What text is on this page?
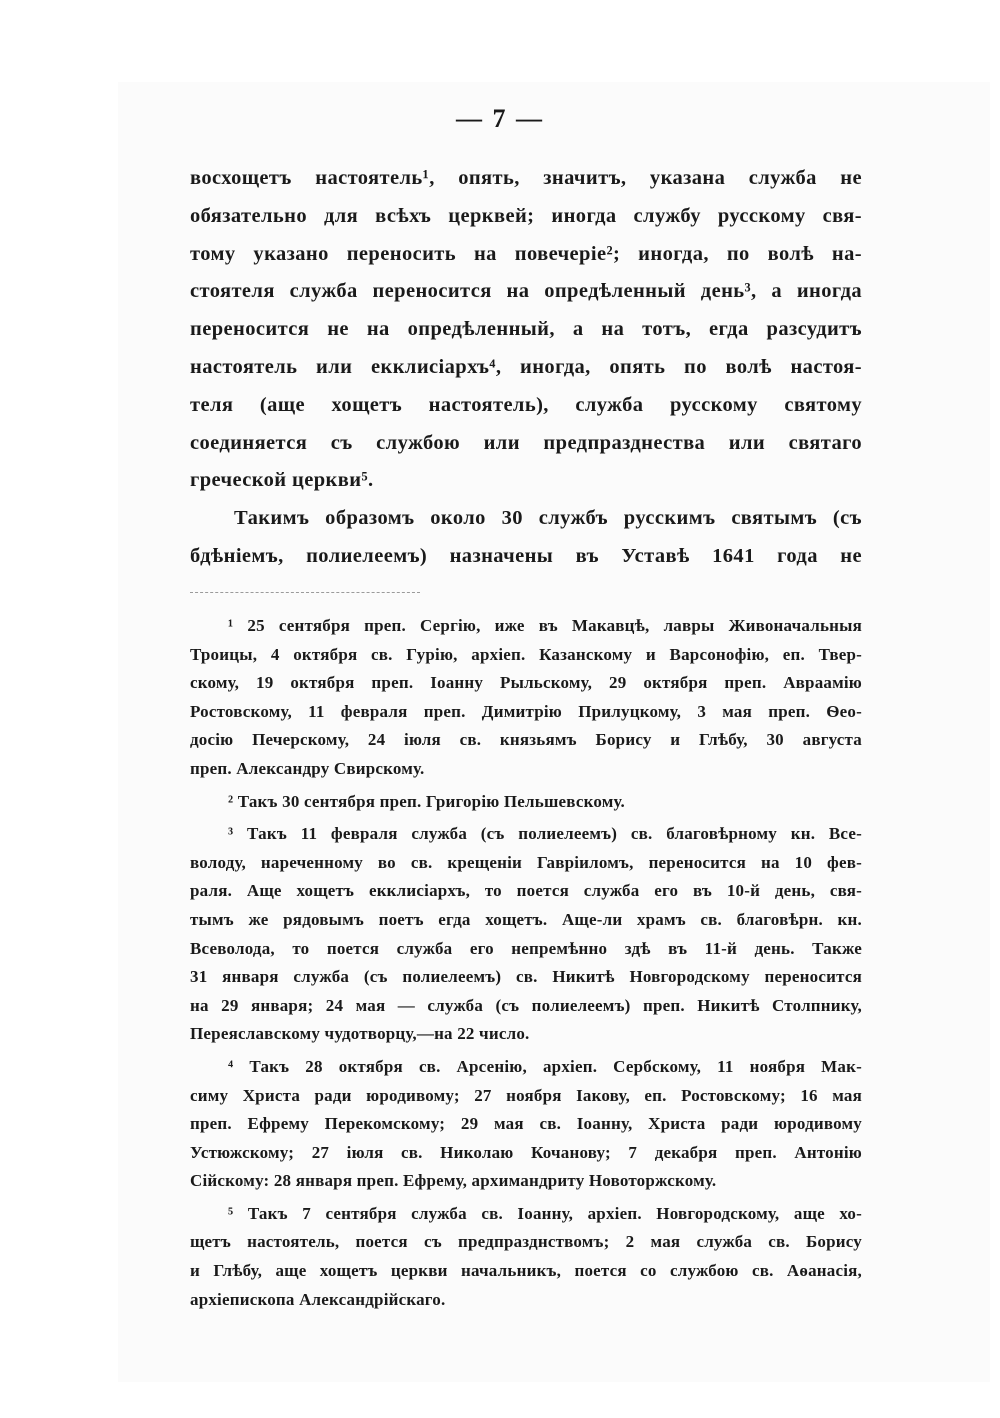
— 7 —
восхощетъ настоятель¹, опять, значитъ, указана служба не
обязательно для всѣхъ церквей; иногда службу русскому свя-
тому указано переносить на повечеріе²; иногда, по волѣ на-
стоятеля служба переносится на опредѣленный день³, а иногда
переносится не на опредѣленный, а на тотъ, егда разсудитъ
настоятель или екклисіархъ⁴, иногда, опять по волѣ настоя-
теля (аще хощетъ настоятель), служба русскому святому
соединяется съ службою или предпразднества или святаго
греческой церкви⁵.
Такимъ образомъ около 30 службъ русскимъ святымъ (съ
бдѣніемъ, полиелеемъ) назначены въ Уставѣ 1641 года не
¹ 25 сентября преп. Сергію, иже въ Макавцѣ, лавры Живоначальныя
Троицы, 4 октября св. Гурію, архіеп. Казанскому и Варсонофію, еп. Твер-
скому, 19 октября преп. Іоанну Рыльскому, 29 октября преп. Авраамію
Ростовскому, 11 февраля преп. Димитрію Прилуцкому, 3 мая преп. Ѳео-
досію Печерскому, 24 іюля св. князьямъ Борису и Глѣбу, 30 августа
преп. Александру Свирскому.
² Такъ 30 сентября преп. Григорію Пельшевскому.
³ Такъ 11 февраля служба (съ полиелеемъ) св. благовѣрному кн. Все-
володу, нареченному во св. крещеніи Гавріиломъ, переносится на 10 фев-
раля. Аще хощетъ екклисіархъ, то поется служба его въ 10-й день, свя-
тымъ же рядовымъ поетъ егда хощетъ. Аще-ли храмъ св. благовѣрн. кн.
Всеволода, то поется служба его непремѣнно здѣ въ 11-й день. Также
31 января служба (съ полиелеемъ) св. Никитѣ Новгородскому переносится
на 29 января; 24 мая — служба (съ полиелеемъ) преп. Никитѣ Столпнику,
Переяславскому чудотворцу,—на 22 число.
⁴ Такъ 28 октября св. Арсенію, архіеп. Сербскому, 11 ноября Мак-
симу Христа ради юродивому; 27 ноября Іакову, еп. Ростовскому; 16 мая
преп. Ефрему Перекомскому; 29 мая св. Іоанну, Христа ради юродивому
Устюжскому; 27 іюля св. Николаю Кочанову; 7 декабря преп. Антонію
Сійскому: 28 января преп. Ефрему, архимандриту Новоторжскому.
⁵ Такъ 7 сентября служба св. Іоанну, архіеп. Новгородскому, аще хо-
щетъ настоятель, поется съ предпразднствомъ; 2 мая служба св. Борису
и Глѣбу, аще хощетъ церкви начальникъ, поется со службою св. Аѳанасія,
архіепископа Александрійскаго.
